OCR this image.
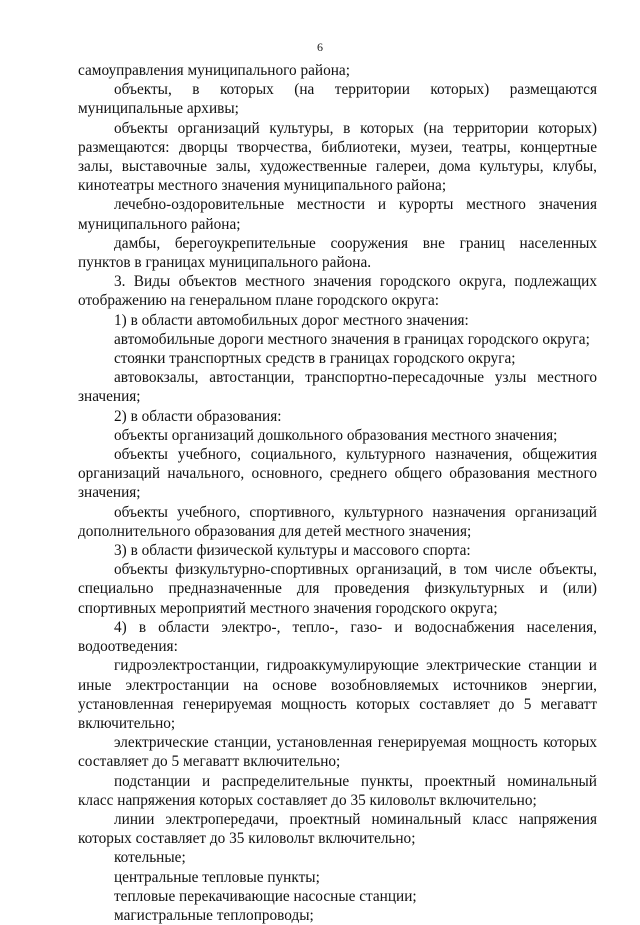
6

самоуправления муниципального района;

объекты, в которых (на территории которых) размещаются муниципальные архивы;

объекты организаций культуры, в которых (на территории которых) размещаются: дворцы творчества, библиотеки, музеи, театры, концертные залы, выставочные залы, художественные галереи, дома культуры, клубы, кинотеатры местного значения муниципального района;

лечебно-оздоровительные местности и курорты местного значения муниципального района;

дамбы, берегоукрепительные сооружения вне границ населенных пунктов в границах муниципального района.

3. Виды объектов местного значения городского округа, подлежащих отображению на генеральном плане городского округа:

1) в области автомобильных дорог местного значения:

автомобильные дороги местного значения в границах городского округа;

стоянки транспортных средств в границах городского округа;

автовокзалы, автостанции, транспортно-пересадочные узлы местного значения;

2) в области образования:

объекты организаций дошкольного образования местного значения;

объекты учебного, социального, культурного назначения, общежития организаций начального, основного, среднего общего образования местного значения;

объекты учебного, спортивного, культурного назначения организаций дополнительного образования для детей местного значения;

3) в области физической культуры и массового спорта:

объекты физкультурно-спортивных организаций, в том числе объекты, специально предназначенные для проведения физкультурных и (или) спортивных мероприятий местного значения городского округа;

4) в области электро-, тепло-, газо- и водоснабжения населения, водоотведения:

гидроэлектростанции, гидроаккумулирующие электрические станции и иные электростанции на основе возобновляемых источников энергии, установленная генерируемая мощность которых составляет до 5 мегаватт включительно;

электрические станции, установленная генерируемая мощность которых составляет до 5 мегаватт включительно;

подстанции и распределительные пункты, проектный номинальный класс напряжения которых составляет до 35 киловольт включительно;

линии электропередачи, проектный номинальный класс напряжения которых составляет до 35 киловольт включительно;

котельные;

центральные тепловые пункты;

тепловые перекачивающие насосные станции;

магистральные теплопроводы;
